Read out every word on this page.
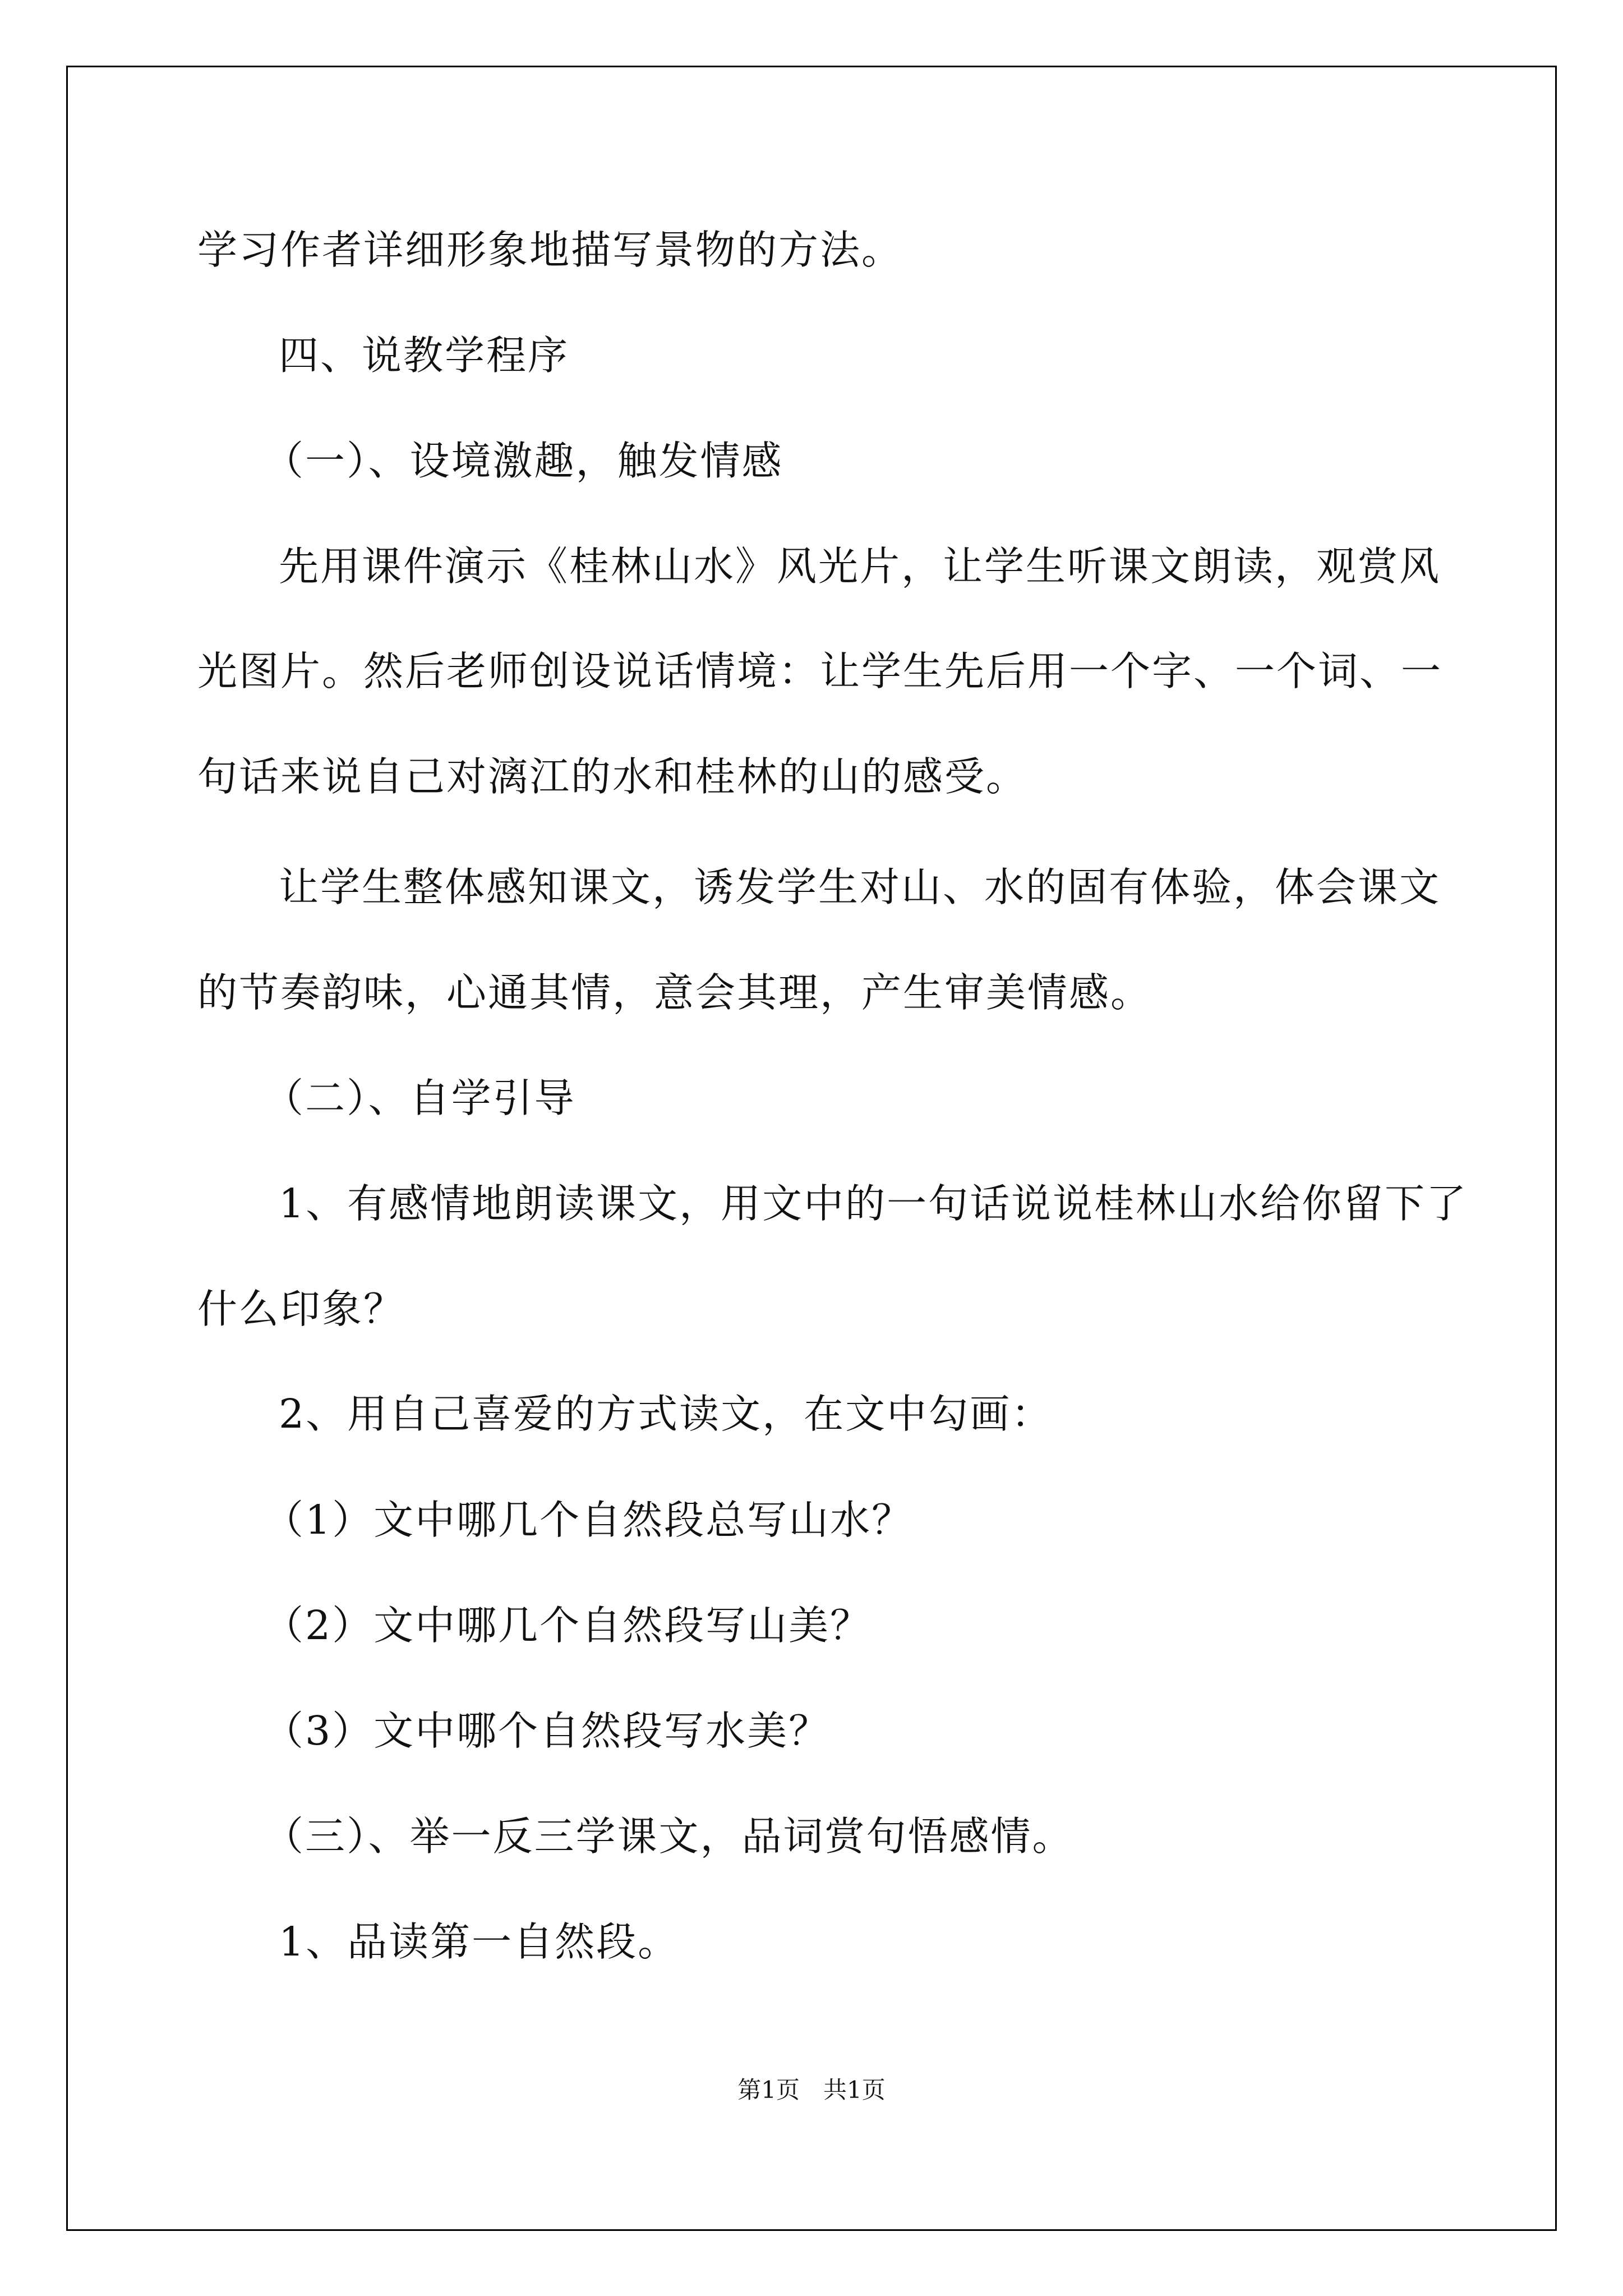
学习作者详细形象地描写景物的方法。
四、说教学程序
（一）、设境激趣，触发情感
先用课件演示《桂林山水》风光片，让学生听课文朗读，观赏风
光图片。然后老师创设说话情境：让学生先后用一个字、一个词、一
句话来说自己对漓江的水和桂林的山的感受。
让学生整体感知课文，诱发学生对山、水的固有体验，体会课文
的节奏韵味，心通其情，意会其理，产生审美情感。
（二）、自学引导
1、有感情地朗读课文，用文中的一句话说说桂林山水给你留下了
什么印象？
2、用自己喜爱的方式读文，在文中勾画：
（1）文中哪几个自然段总写山水？
（2）文中哪几个自然段写山美？
（3）文中哪个自然段写水美？
（三）、举一反三学课文，品词赏句悟感情。
1、品读第一自然段。
第1页　共1页
